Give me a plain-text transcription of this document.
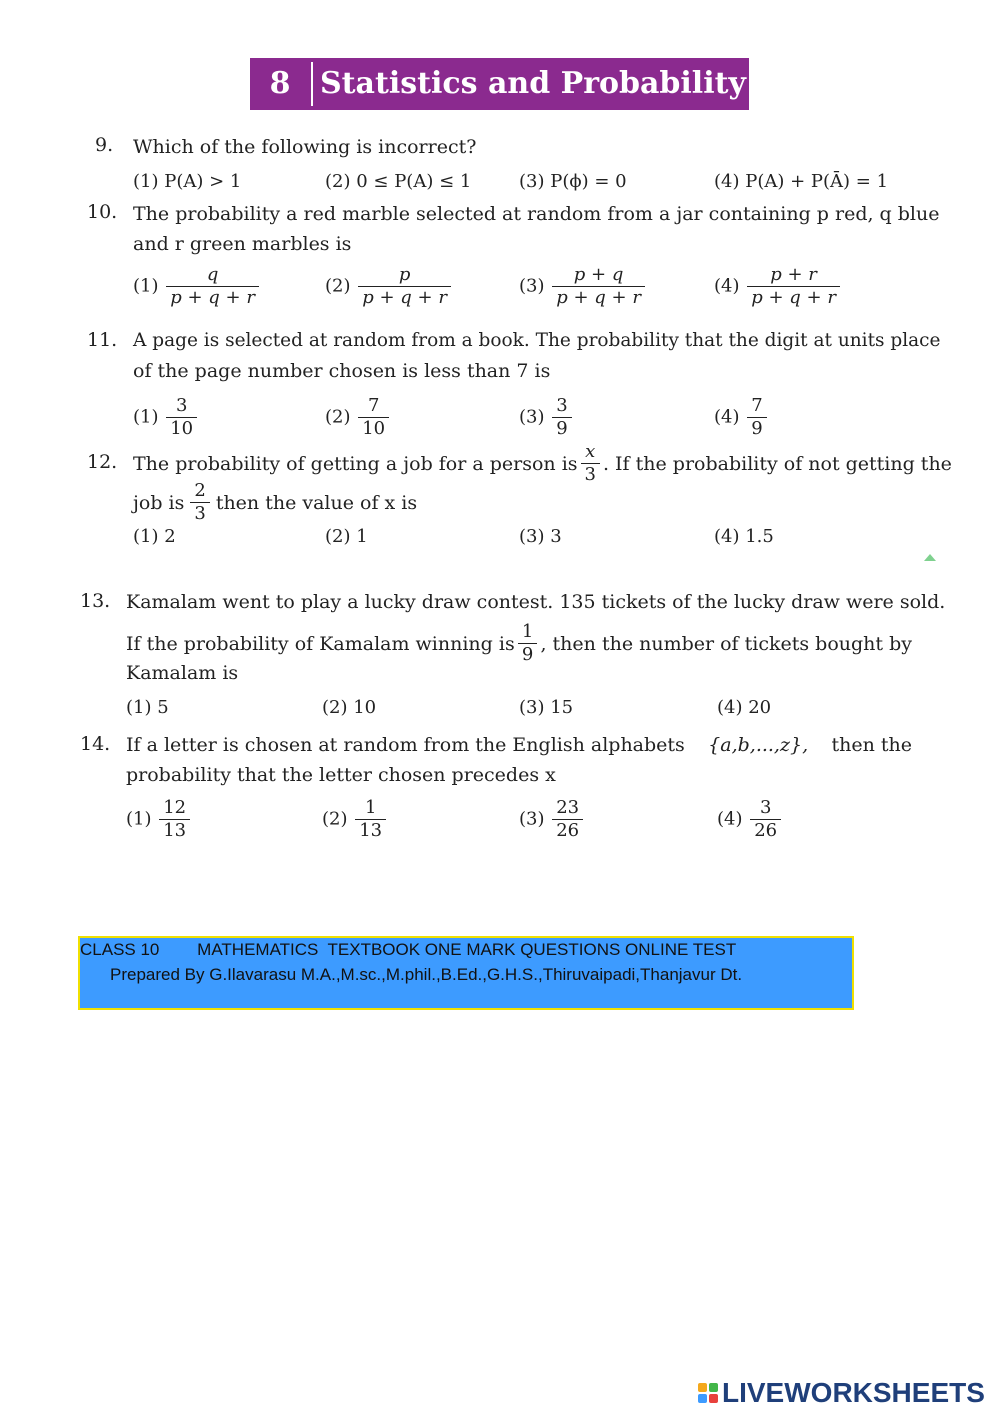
8 Statistics and Probability
9. Which of the following is incorrect?
(1) P(A) > 1	(2) 0 ≤ P(A) ≤ 1	(3) P(ϕ) = 0	(4) P(A) + P(Ā) = 1
10. The probability a red marble selected at random from a jar containing p red, q blue
and r green marbles is
$(1) \frac{q}{p + q + r}$	$(2) \frac{p}{p + q + r}$	$(3) \frac{p + q}{p + q + r}$	$(4) \frac{p + r}{p + q + r}$
11. A page is selected at random from a book. The probability that the digit at units place
of the page number chosen is less than 7 is
$(1) \frac{3}{10}$	$(2) \frac{7}{10}$	$(3) \frac{3}{9}$	$(4) \frac{7}{9}$
12. The probability of getting a job for a person is $\frac{x}{3}$ . If the probability of not getting the
job is $\frac{2}{3}$ then the value of x is
(1) 2	(2) 1	(3) 3	(4) 1.5
13. Kamalam went to play a lucky draw contest. 135 tickets of the lucky draw were sold.
If the probability of Kamalam winning is $\frac{1}{9}$ , then the number of tickets bought by
Kamalam is
(1) 5	(2) 10	(3) 15	(4) 20
14. If a letter is chosen at random from the English alphabets {a,b,...,z}, then the
probability that the letter chosen precedes x
$(1) \frac{12}{13}$	$(2) \frac{1}{13}$	$(3) \frac{23}{26}$	$(4) \frac{3}{26}$
CLASS 10        MATHEMATICS  TEXTBOOK ONE MARK QUESTIONS ONLINE TEST
Prepared By G.Ilavarasu M.A.,M.sc.,M.phil.,B.Ed.,G.H.S.,Thiruvaipadi,Thanjavur Dt.
LIVEWORKSHEETS
